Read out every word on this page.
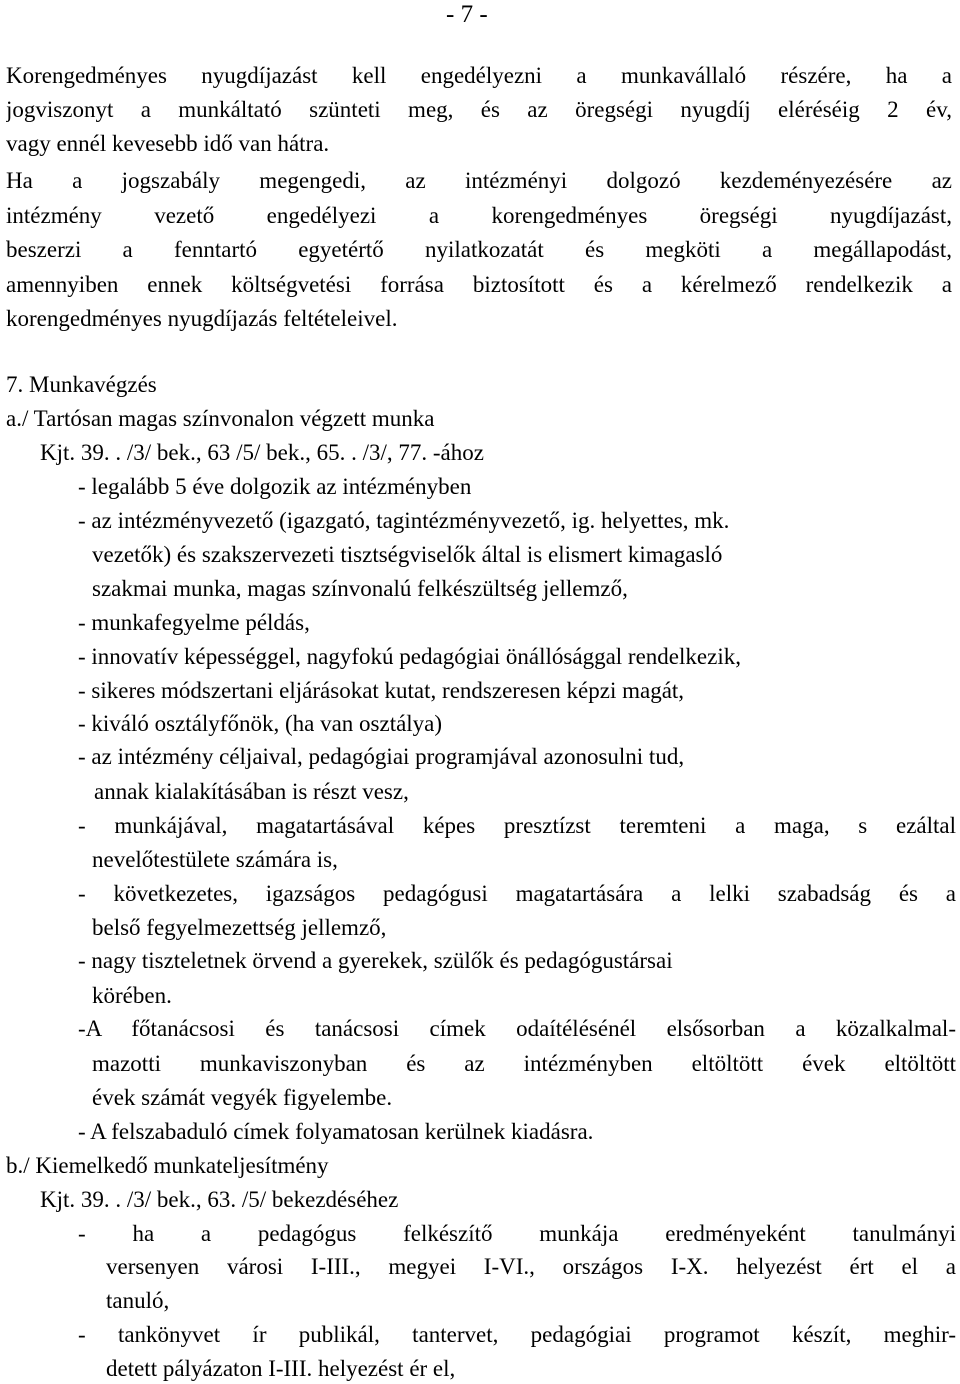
- 7 -
Korengedményes nyugdíjazást kell engedélyezni a munkavállaló részére, ha a
jogviszonyt a munkáltató szünteti meg, és az öregségi nyugdíj eléréséig 2 év,
vagy ennél kevesebb idő van hátra.
Ha a jogszabály megengedi, az intézményi dolgozó kezdeményezésére az
intézmény vezető engedélyezi a korengedményes öregségi nyugdíjazást,
beszerzi a fenntartó egyetértő nyilatkozatát és megköti a megállapodást,
amennyiben ennek költségvetési forrása biztosított és a kérelmező rendelkezik a
korengedményes nyugdíjazás feltételeivel.
7. Munkavégzés
a./ Tartósan magas színvonalon végzett munka
Kjt. 39. . /3/ bek., 63 /5/ bek., 65. . /3/, 77. -ához
- legalább 5 éve dolgozik az intézményben
- az intézményvezető (igazgató, tagintézményvezető, ig. helyettes, mk.
vezetők) és szakszervezeti tisztségviselők által is elismert kimagasló
szakmai munka, magas színvonalú felkészültség jellemző,
- munkafegyelme példás,
- innovatív képességgel, nagyfokú pedagógiai önállósággal rendelkezik,
- sikeres módszertani eljárásokat kutat, rendszeresen képzi magát,
- kiváló osztályfőnök, (ha van osztálya)
- az intézmény céljaival, pedagógiai programjával azonosulni tud,
annak kialakításában is részt vesz,
- munkájával, magatartásával képes presztízst teremteni a maga, s ezáltal
nevelőtestülete számára is,
- következetes, igazságos pedagógusi magatartására a lelki szabadság és a
belső fegyelmezettség jellemző,
- nagy tiszteletnek örvend a gyerekek, szülők és pedagógustársai
körében.
-A főtanácsosi és tanácsosi címek odaítélésénél elsősorban a közalkalmal-
mazotti munkaviszonyban és az intézményben eltöltött évek eltöltött
évek számát vegyék figyelembe.
- A felszabaduló címek folyamatosan kerülnek kiadásra.
b./ Kiemelkedő munkateljesítmény
Kjt. 39. . /3/ bek., 63. /5/ bekezdéséhez
- ha a pedagógus felkészítő munkája eredményeként tanulmányi
versenyen városi I-III., megyei I-VI., országos I-X. helyezést ért el a
tanuló,
- tankönyvet ír publikál, tantervet, pedagógiai programot készít, meghir-
detett pályázaton I-III. helyezést ér el,
